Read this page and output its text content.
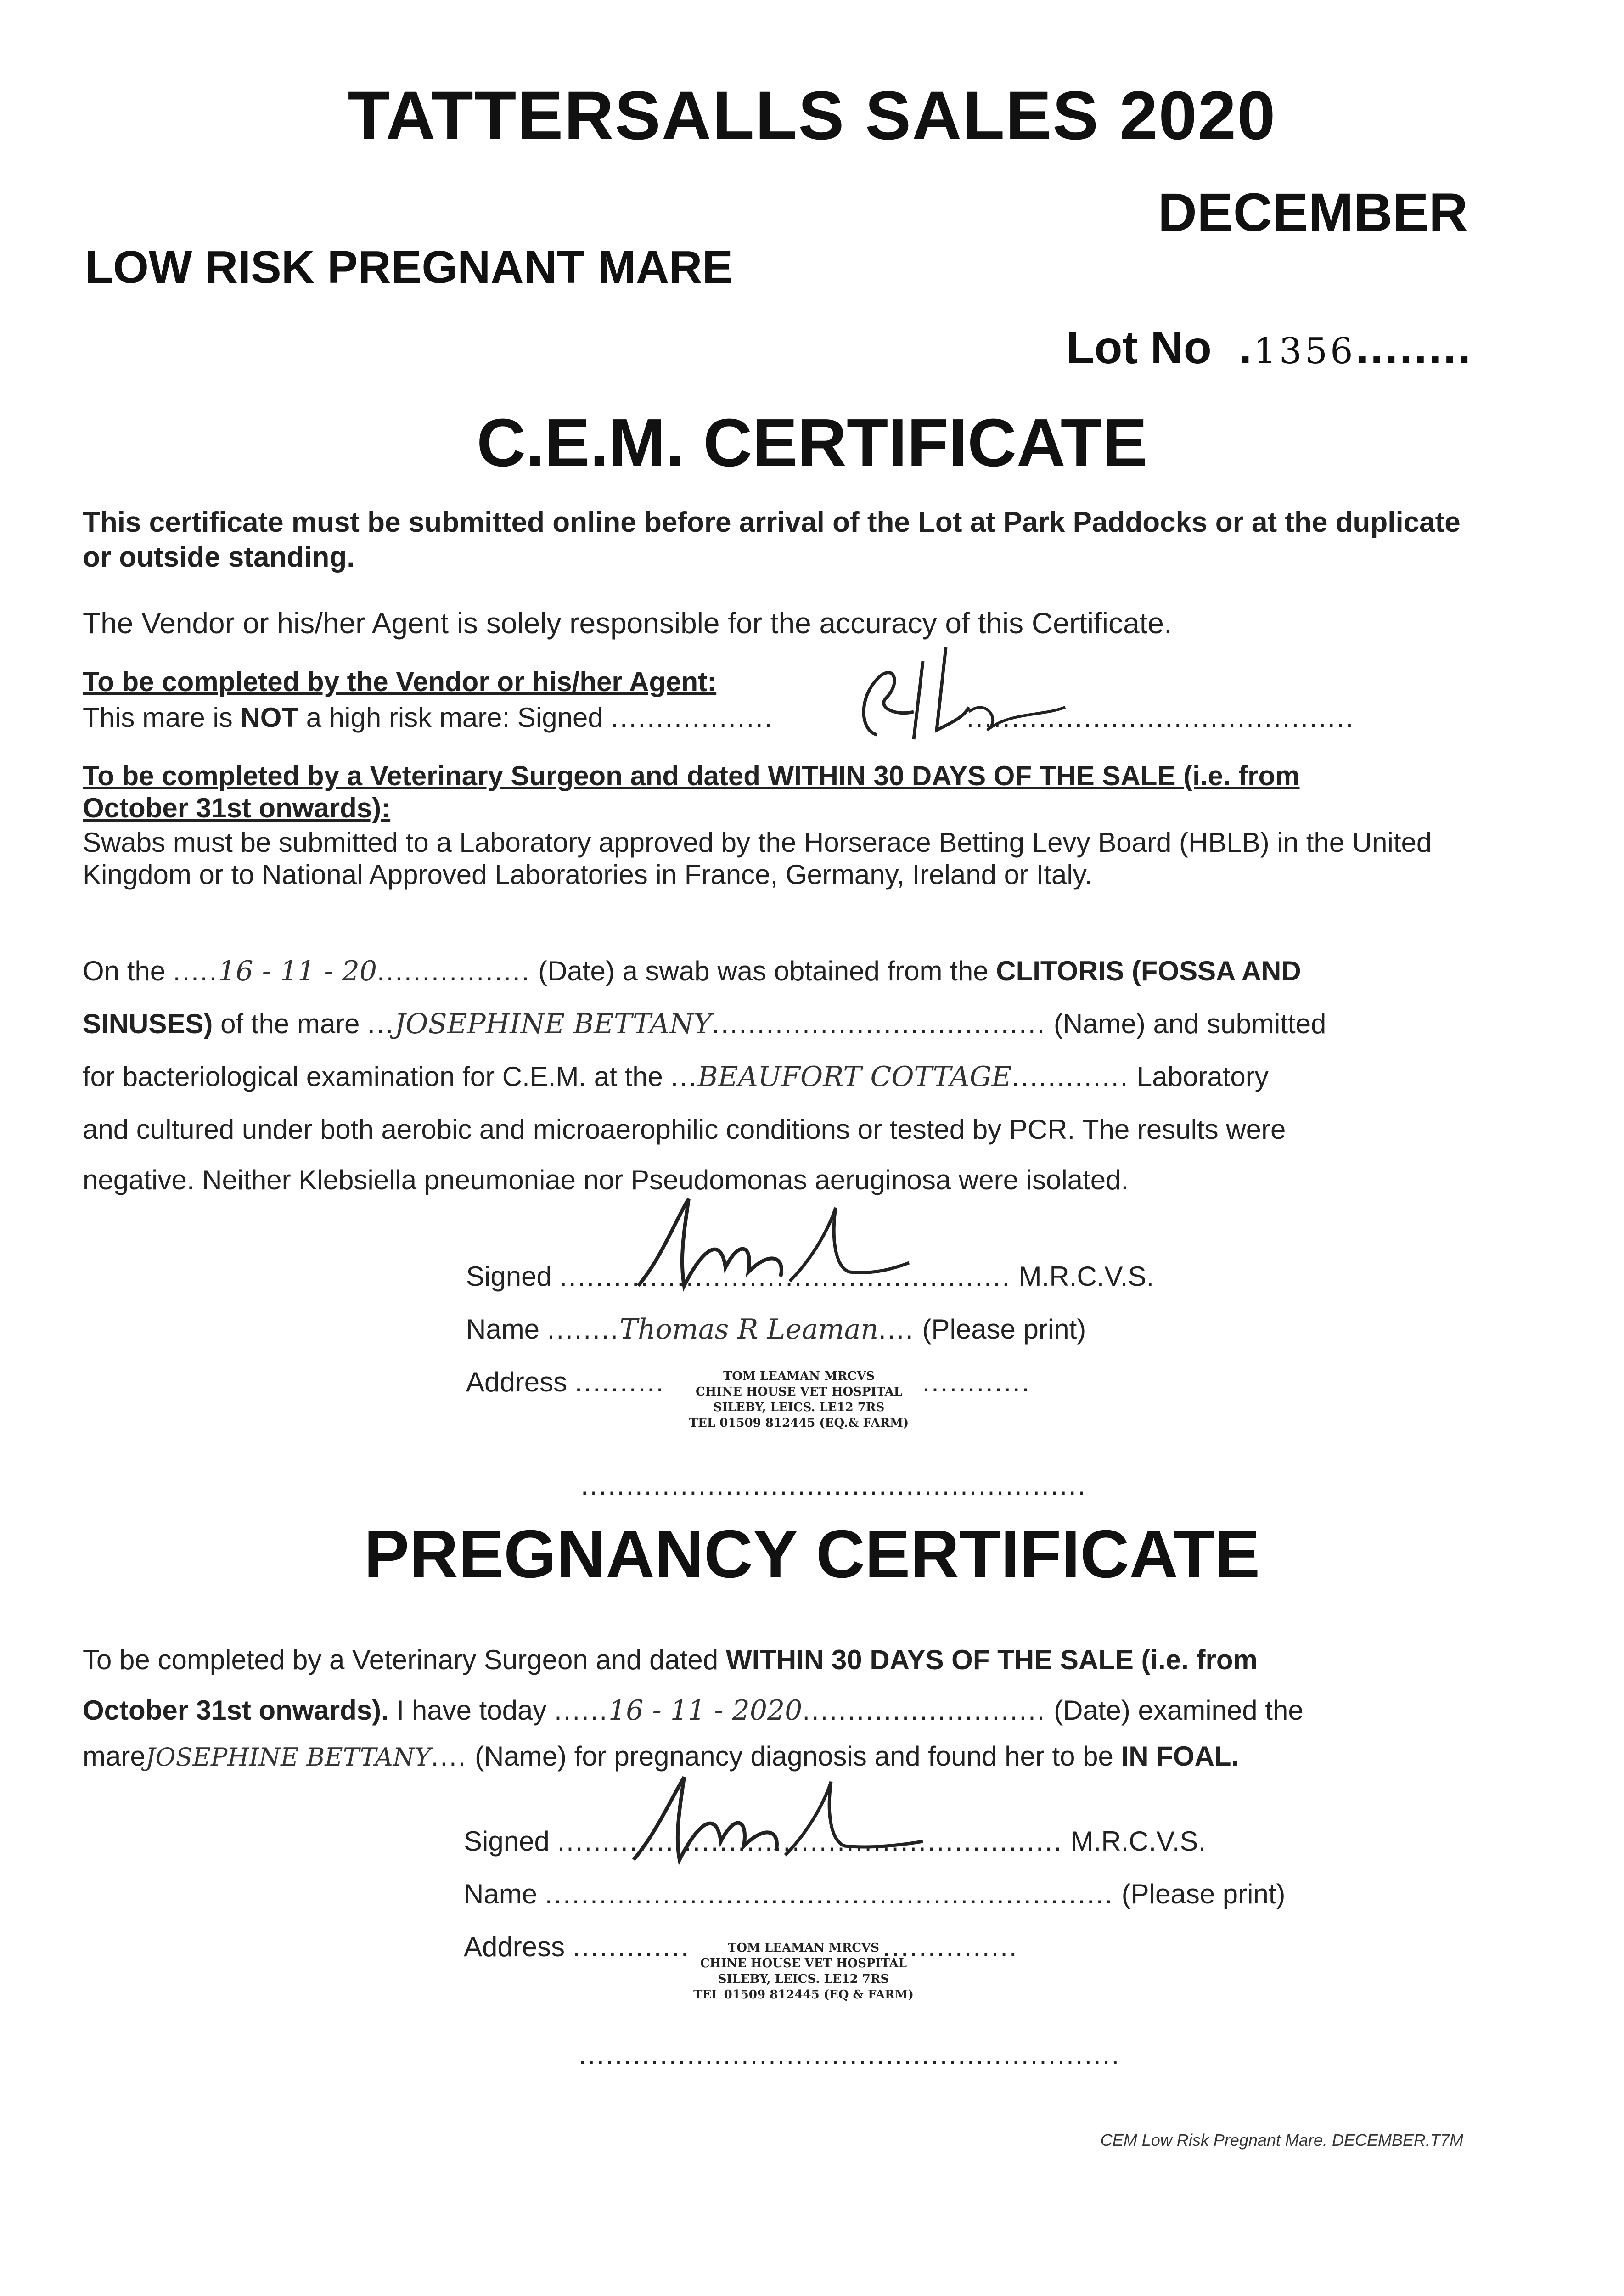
TATTERSALLS SALES 2020
DECEMBER
LOW RISK PREGNANT MARE
Lot No  .1356........
C.E.M. CERTIFICATE
This certificate must be submitted online before arrival of the Lot at Park Paddocks or at the duplicate or outside standing.
The Vendor or his/her Agent is solely responsible for the accuracy of this Certificate.
To be completed by the Vendor or his/her Agent:
This mare is NOT a high risk mare: Signed ..................	...........................................
To be completed by a Veterinary Surgeon and dated WITHIN 30 DAYS OF THE SALE (i.e. from
October 31st onwards):
Swabs must be submitted to a Laboratory approved by the Horserace Betting Levy Board (HBLB) in the United Kingdom or to National Approved Laboratories in France, Germany, Ireland or Italy.
On the .....16 - 11 - 20................. (Date) a swab was obtained from the CLITORIS (FOSSA AND
SINUSES) of the mare ...JOSEPHINE BETTANY..................................... (Name) and submitted
for bacteriological examination for C.E.M. at the ...BEAUFORT COTTAGE............. Laboratory
and cultured under both aerobic and microaerophilic conditions or tested by PCR. The results were
negative. Neither Klebsiella pneumoniae nor Pseudomonas aeruginosa were isolated.
Signed .................................................. M.R.C.V.S.
Name ........Thomas R Leaman.... (Please print)
Address ..........	............
TOM LEAMAN MRCVS
CHINE HOUSE VET HOSPITAL
SILEBY, LEICS. LE12 7RS
TEL 01509 812445 (EQ.& FARM)
........................................................
PREGNANCY CERTIFICATE
To be completed by a Veterinary Surgeon and dated WITHIN 30 DAYS OF THE SALE (i.e. from
October 31st onwards). I have today ......16 - 11 - 2020........................... (Date) examined the
mareJOSEPHINE BETTANY.... (Name) for pregnancy diagnosis and found her to be IN FOAL.
Signed ........................................................ M.R.C.V.S.
Name ............................................................... (Please print)
Address .............	...............
TOM LEAMAN MRCVS
CHINE HOUSE VET HOSPITAL
SILEBY, LEICS. LE12 7RS
TEL 01509 812445 (EQ & FARM)
............................................................
CEM Low Risk Pregnant Mare. DECEMBER.T7M
